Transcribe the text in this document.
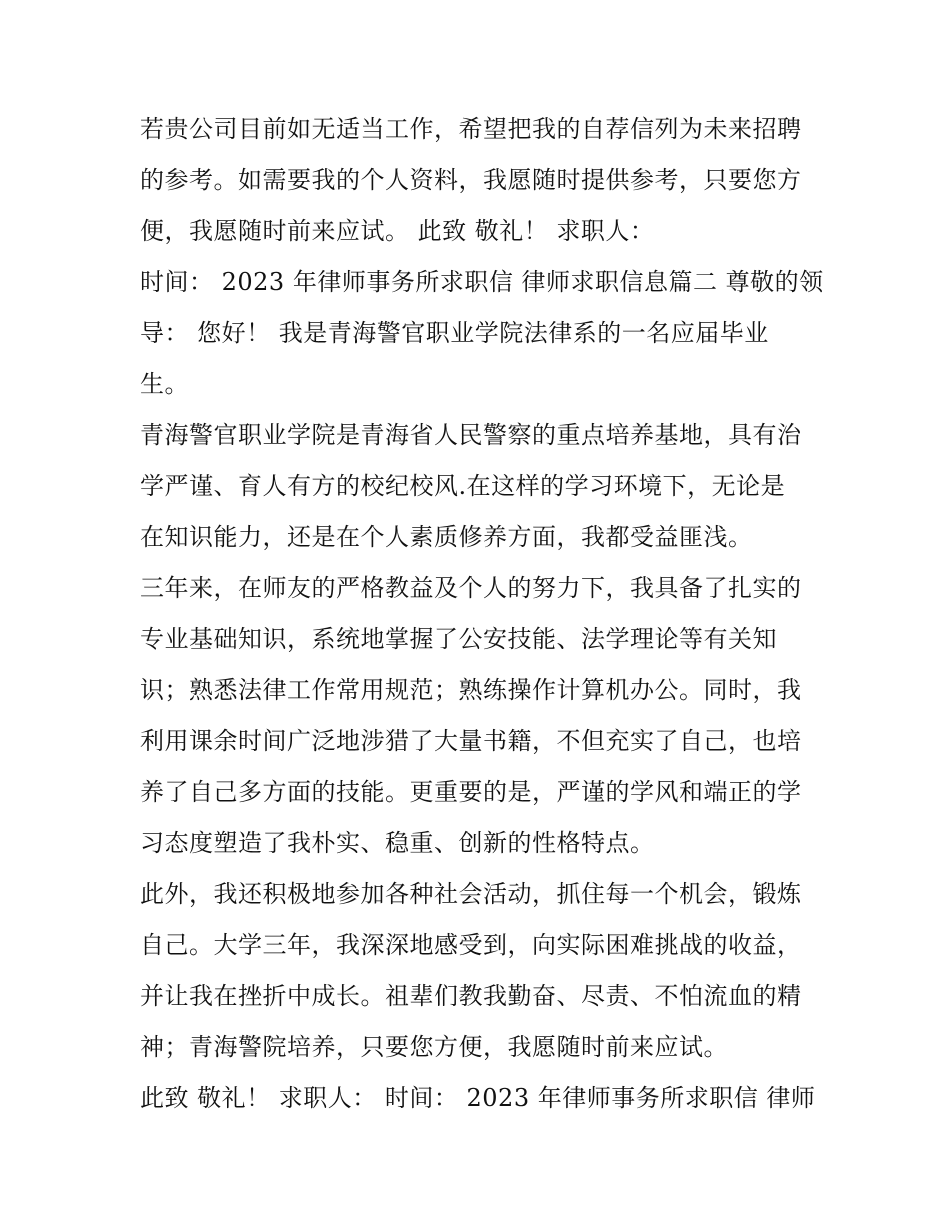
若贵公司目前如无适当工作，希望把我的自荐信列为未来招聘
的参考。如需要我的个人资料，我愿随时提供参考，只要您方
便，我愿随时前来应试。 此致 敬礼！ 求职人：
时间： 2023 年律师事务所求职信 律师求职信息篇二 尊敬的领
导： 您好！ 我是青海警官职业学院法律系的一名应届毕业
生。
青海警官职业学院是青海省人民警察的重点培养基地，具有治
学严谨、育人有方的校纪校风.在这样的学习环境下，无论是
在知识能力，还是在个人素质修养方面，我都受益匪浅。
三年来，在师友的严格教益及个人的努力下，我具备了扎实的
专业基础知识，系统地掌握了公安技能、法学理论等有关知
识；熟悉法律工作常用规范；熟练操作计算机办公。同时，我
利用课余时间广泛地涉猎了大量书籍，不但充实了自己，也培
养了自己多方面的技能。更重要的是，严谨的学风和端正的学
习态度塑造了我朴实、稳重、创新的性格特点。
此外，我还积极地参加各种社会活动，抓住每一个机会，锻炼
自己。大学三年，我深深地感受到，向实际困难挑战的收益，
并让我在挫折中成长。祖辈们教我勤奋、尽责、不怕流血的精
神；青海警院培养，只要您方便，我愿随时前来应试。
此致 敬礼！ 求职人： 时间： 2023 年律师事务所求职信 律师
